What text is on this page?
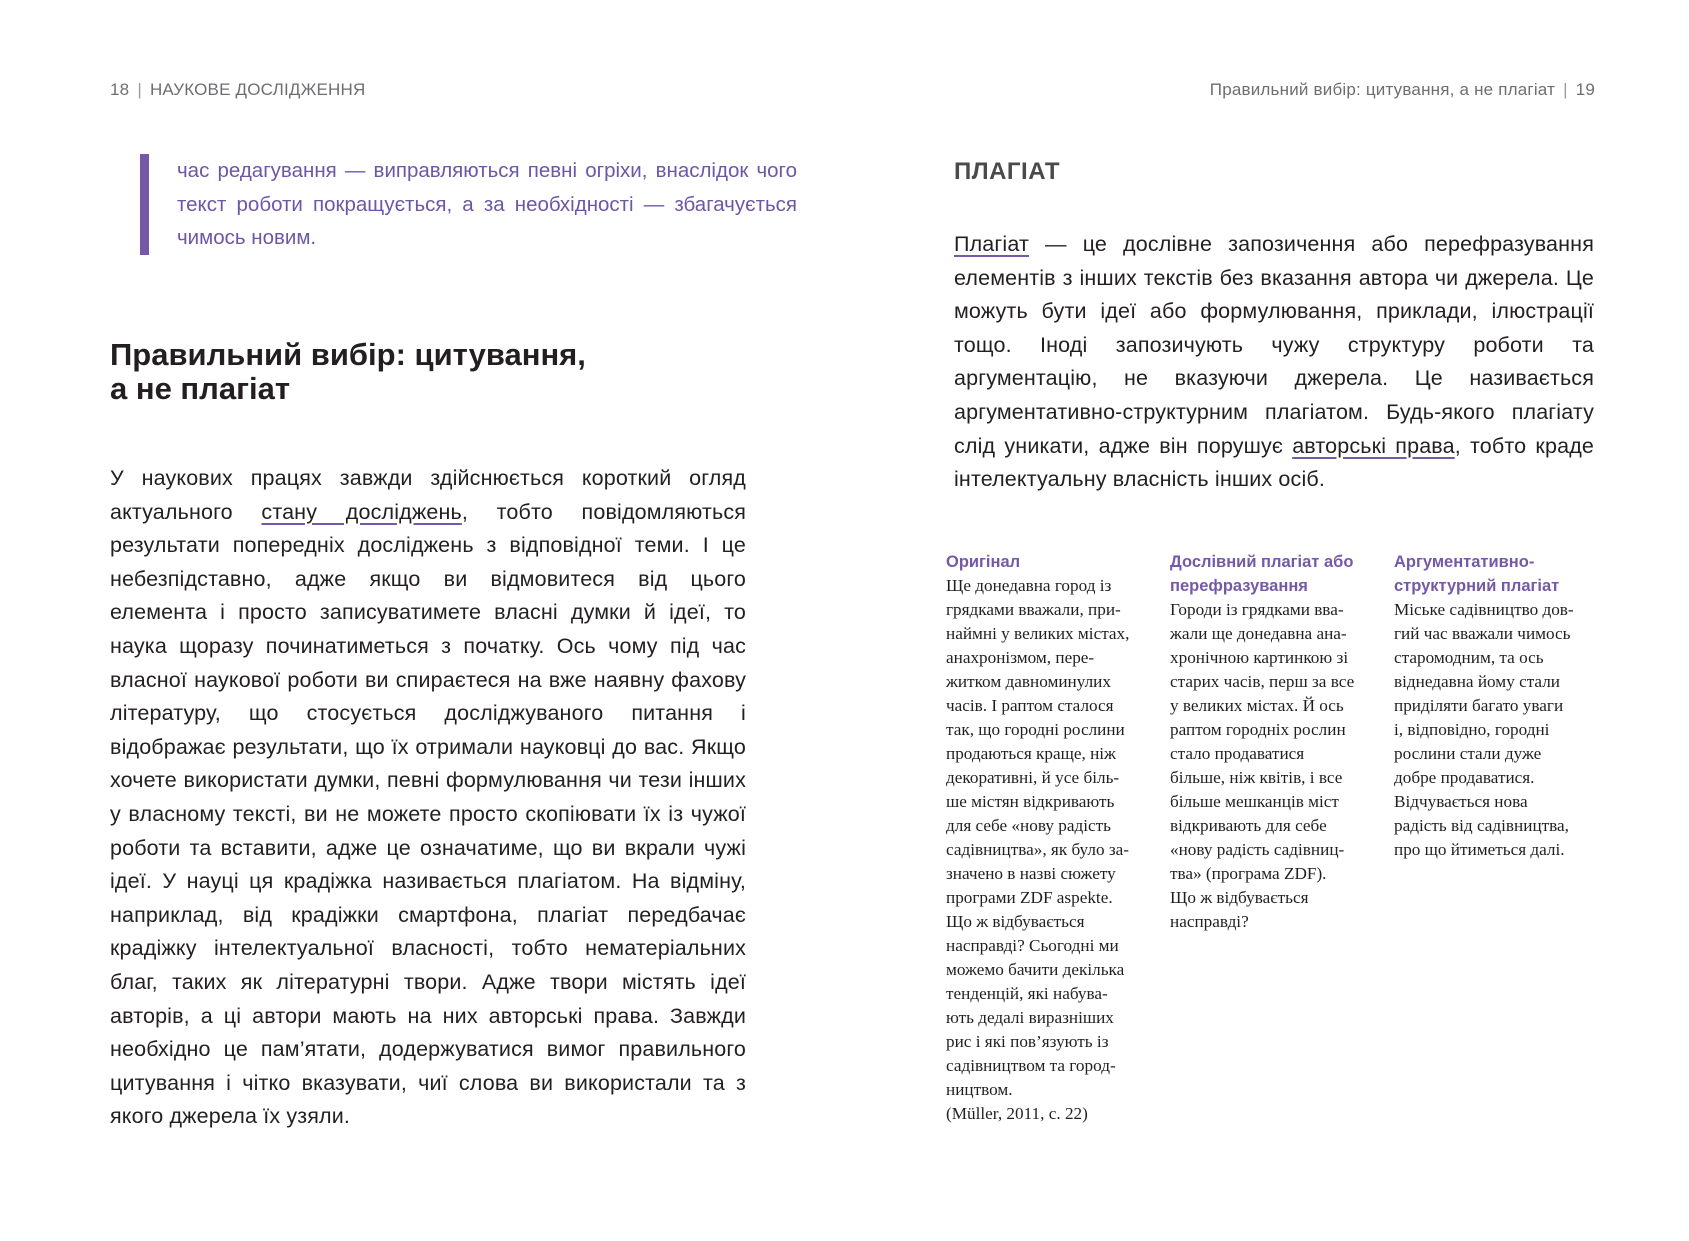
18 | НАУКОВЕ ДОСЛІДЖЕННЯ
час редагування — виправляються певні огріхи, внаслідок чого текст роботи покращується, а за необхідності — збагачується чимось новим.
Правильний вибір: цитування,
а не плагіат

У наукових працях завжди здійснюється короткий огляд актуального стану досліджень, тобто повідомляються результати попередніх досліджень з відповідної теми. І це небезпідставно, адже якщо ви відмовитеся від цього елемента і просто записуватимете власні думки й ідеї, то наука щоразу починатиметься з початку. Ось чому під час власної наукової роботи ви спираєтеся на вже наявну фахову літературу, що стосується досліджуваного питання і відображає результати, що їх отримали науковці до вас. Якщо хочете використати думки, певні формулювання чи тези інших у власному тексті, ви не можете просто скопіювати їх із чужої роботи та вставити, адже це означатиме, що ви вкрали чужі ідеї. У науці ця крадіжка називається плагіатом. На відміну, наприклад, від крадіжки смартфона, плагіат передбачає крадіжку інтелектуальної власності, тобто нематеріальних благ, таких як літературні твори. Адже твори містять ідеї авторів, а ці автори мають на них авторські права. Завжди необхідно це пам’ятати, додержуватися вимог правильного цитування і чітко вказувати, чиї слова ви використали та з якого джерела їх узяли.

Правильний вибір: цитування, а не плагіат | 19
ПЛАГІАТ

Плагіат — це дослівне запозичення або перефразування елементів з інших текстів без вказання автора чи джерела. Це можуть бути ідеї або формулювання, приклади, ілюстрації тощо. Іноді запозичують чужу структуру роботи та аргументацію, не вказуючи джерела. Це називається аргументативно-структурним плагіатом. Будь-якого плагіату слід уникати, адже він порушує авторські права, тобто краде інтелектуальну власність інших осіб.

Оригінал

Ще донедавна город із
грядками вважали, при-
наймні у великих містах,
анахронізмом, пере-
житком давноминулих
часів. І раптом сталося
так, що городні рослини
продаються краще, ніж
декоративні, й усе біль-
ше містян відкривають
для себе «нову радість
садівництва», як було за-
значено в назві сюжету
програми ZDF aspekte.
Що ж відбувається
насправді? Сьогодні ми
можемо бачити декілька
тенденцій, які набува-
ють дедалі виразніших
рис і які пов’язують із
садівництвом та город-
ництвом.
(Müller, 2011, с. 22)

Дослівний плагіат або перефразування

Городи із грядками вва-
жали ще донедавна ана-
хронічною картинкою зі
старих часів, перш за все
у великих містах. Й ось
раптом городніх рослин
стало продаватися
більше, ніж квітів, і все
більше мешканців міст
відкривають для себе
«нову радість садівниц-
тва» (програма ZDF).
Що ж відбувається
насправді?

Аргументативно-структурний плагіат

Міське садівництво дов-
гий час вважали чимось
старомодним, та ось
віднедавна йому стали
приділяти багато уваги
і, відповідно, городні
рослини стали дуже
добре продаватися.
Відчувається нова
радість від садівництва,
про що йтиметься далі.
